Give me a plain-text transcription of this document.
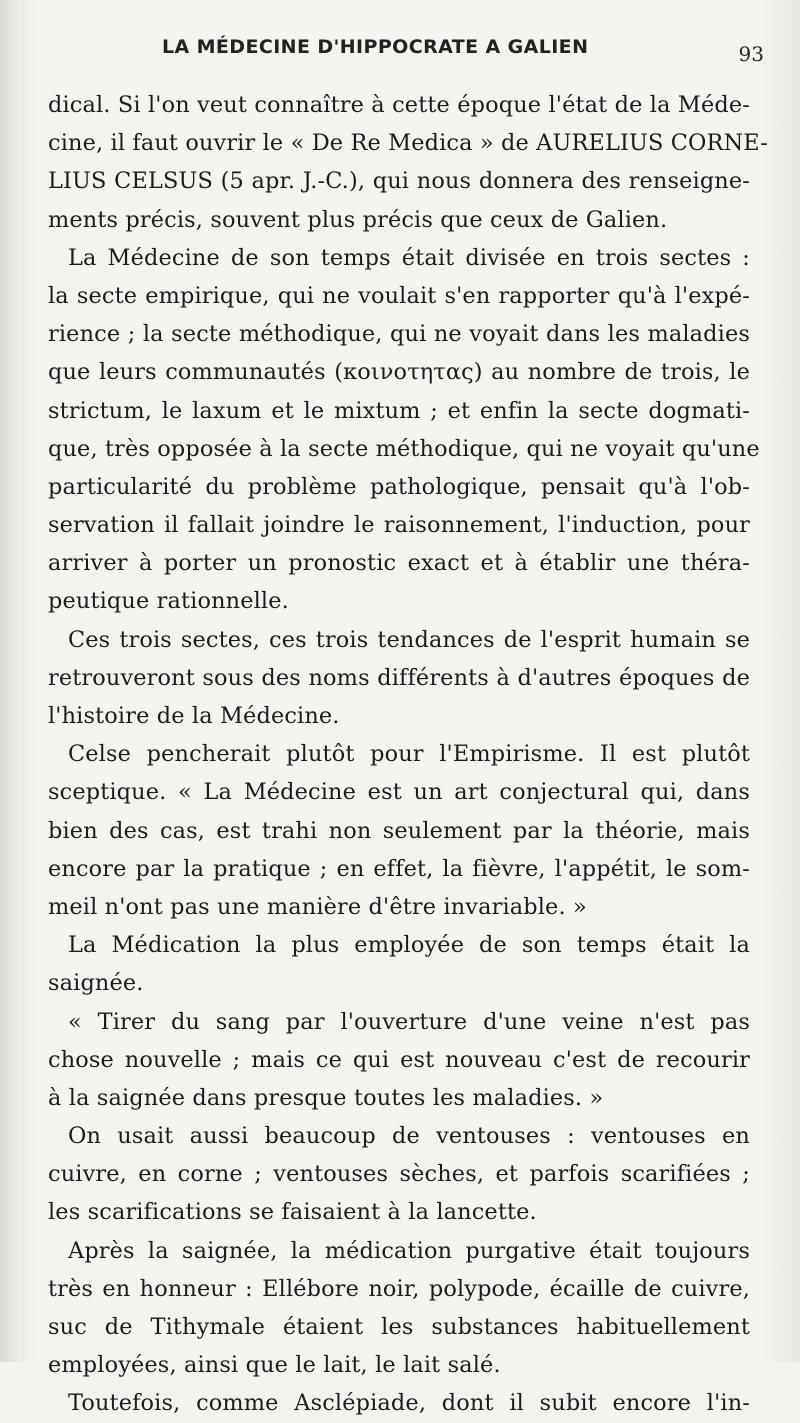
LA MÉDECINE D'HIPPOCRATE A GALIEN	93
dical. Si l'on veut connaître à cette époque l'état de la Méde-
cine, il faut ouvrir le « De Re Medica » de AURELIUS CORNE-
LIUS CELSUS (5 apr. J.-C.), qui nous donnera des renseigne-
ments précis, souvent plus précis que ceux de Galien.
La Médecine de son temps était divisée en trois sectes :
la secte empirique, qui ne voulait s'en rapporter qu'à l'expé-
rience ; la secte méthodique, qui ne voyait dans les maladies
que leurs communautés (κοινοτητας) au nombre de trois, le
strictum, le laxum et le mixtum ; et enfin la secte dogmati-
que, très opposée à la secte méthodique, qui ne voyait qu'une
particularité du problème pathologique, pensait qu'à l'ob-
servation il fallait joindre le raisonnement, l'induction, pour
arriver à porter un pronostic exact et à établir une théra-
peutique rationnelle.
Ces trois sectes, ces trois tendances de l'esprit humain se
retrouveront sous des noms différents à d'autres époques de
l'histoire de la Médecine.
Celse pencherait plutôt pour l'Empirisme. Il est plutôt
sceptique. « La Médecine est un art conjectural qui, dans
bien des cas, est trahi non seulement par la théorie, mais
encore par la pratique ; en effet, la fièvre, l'appétit, le som-
meil n'ont pas une manière d'être invariable. »
La Médication la plus employée de son temps était la
saignée.
« Tirer du sang par l'ouverture d'une veine n'est pas
chose nouvelle ; mais ce qui est nouveau c'est de recourir
à la saignée dans presque toutes les maladies. »
On usait aussi beaucoup de ventouses : ventouses en
cuivre, en corne ; ventouses sèches, et parfois scarifiées ;
les scarifications se faisaient à la lancette.
Après la saignée, la médication purgative était toujours
très en honneur : Ellébore noir, polypode, écaille de cuivre,
suc de Tithymale étaient les substances habituellement
employées, ainsi que le lait, le lait salé.
Toutefois, comme Asclépiade, dont il subit encore l'in-
